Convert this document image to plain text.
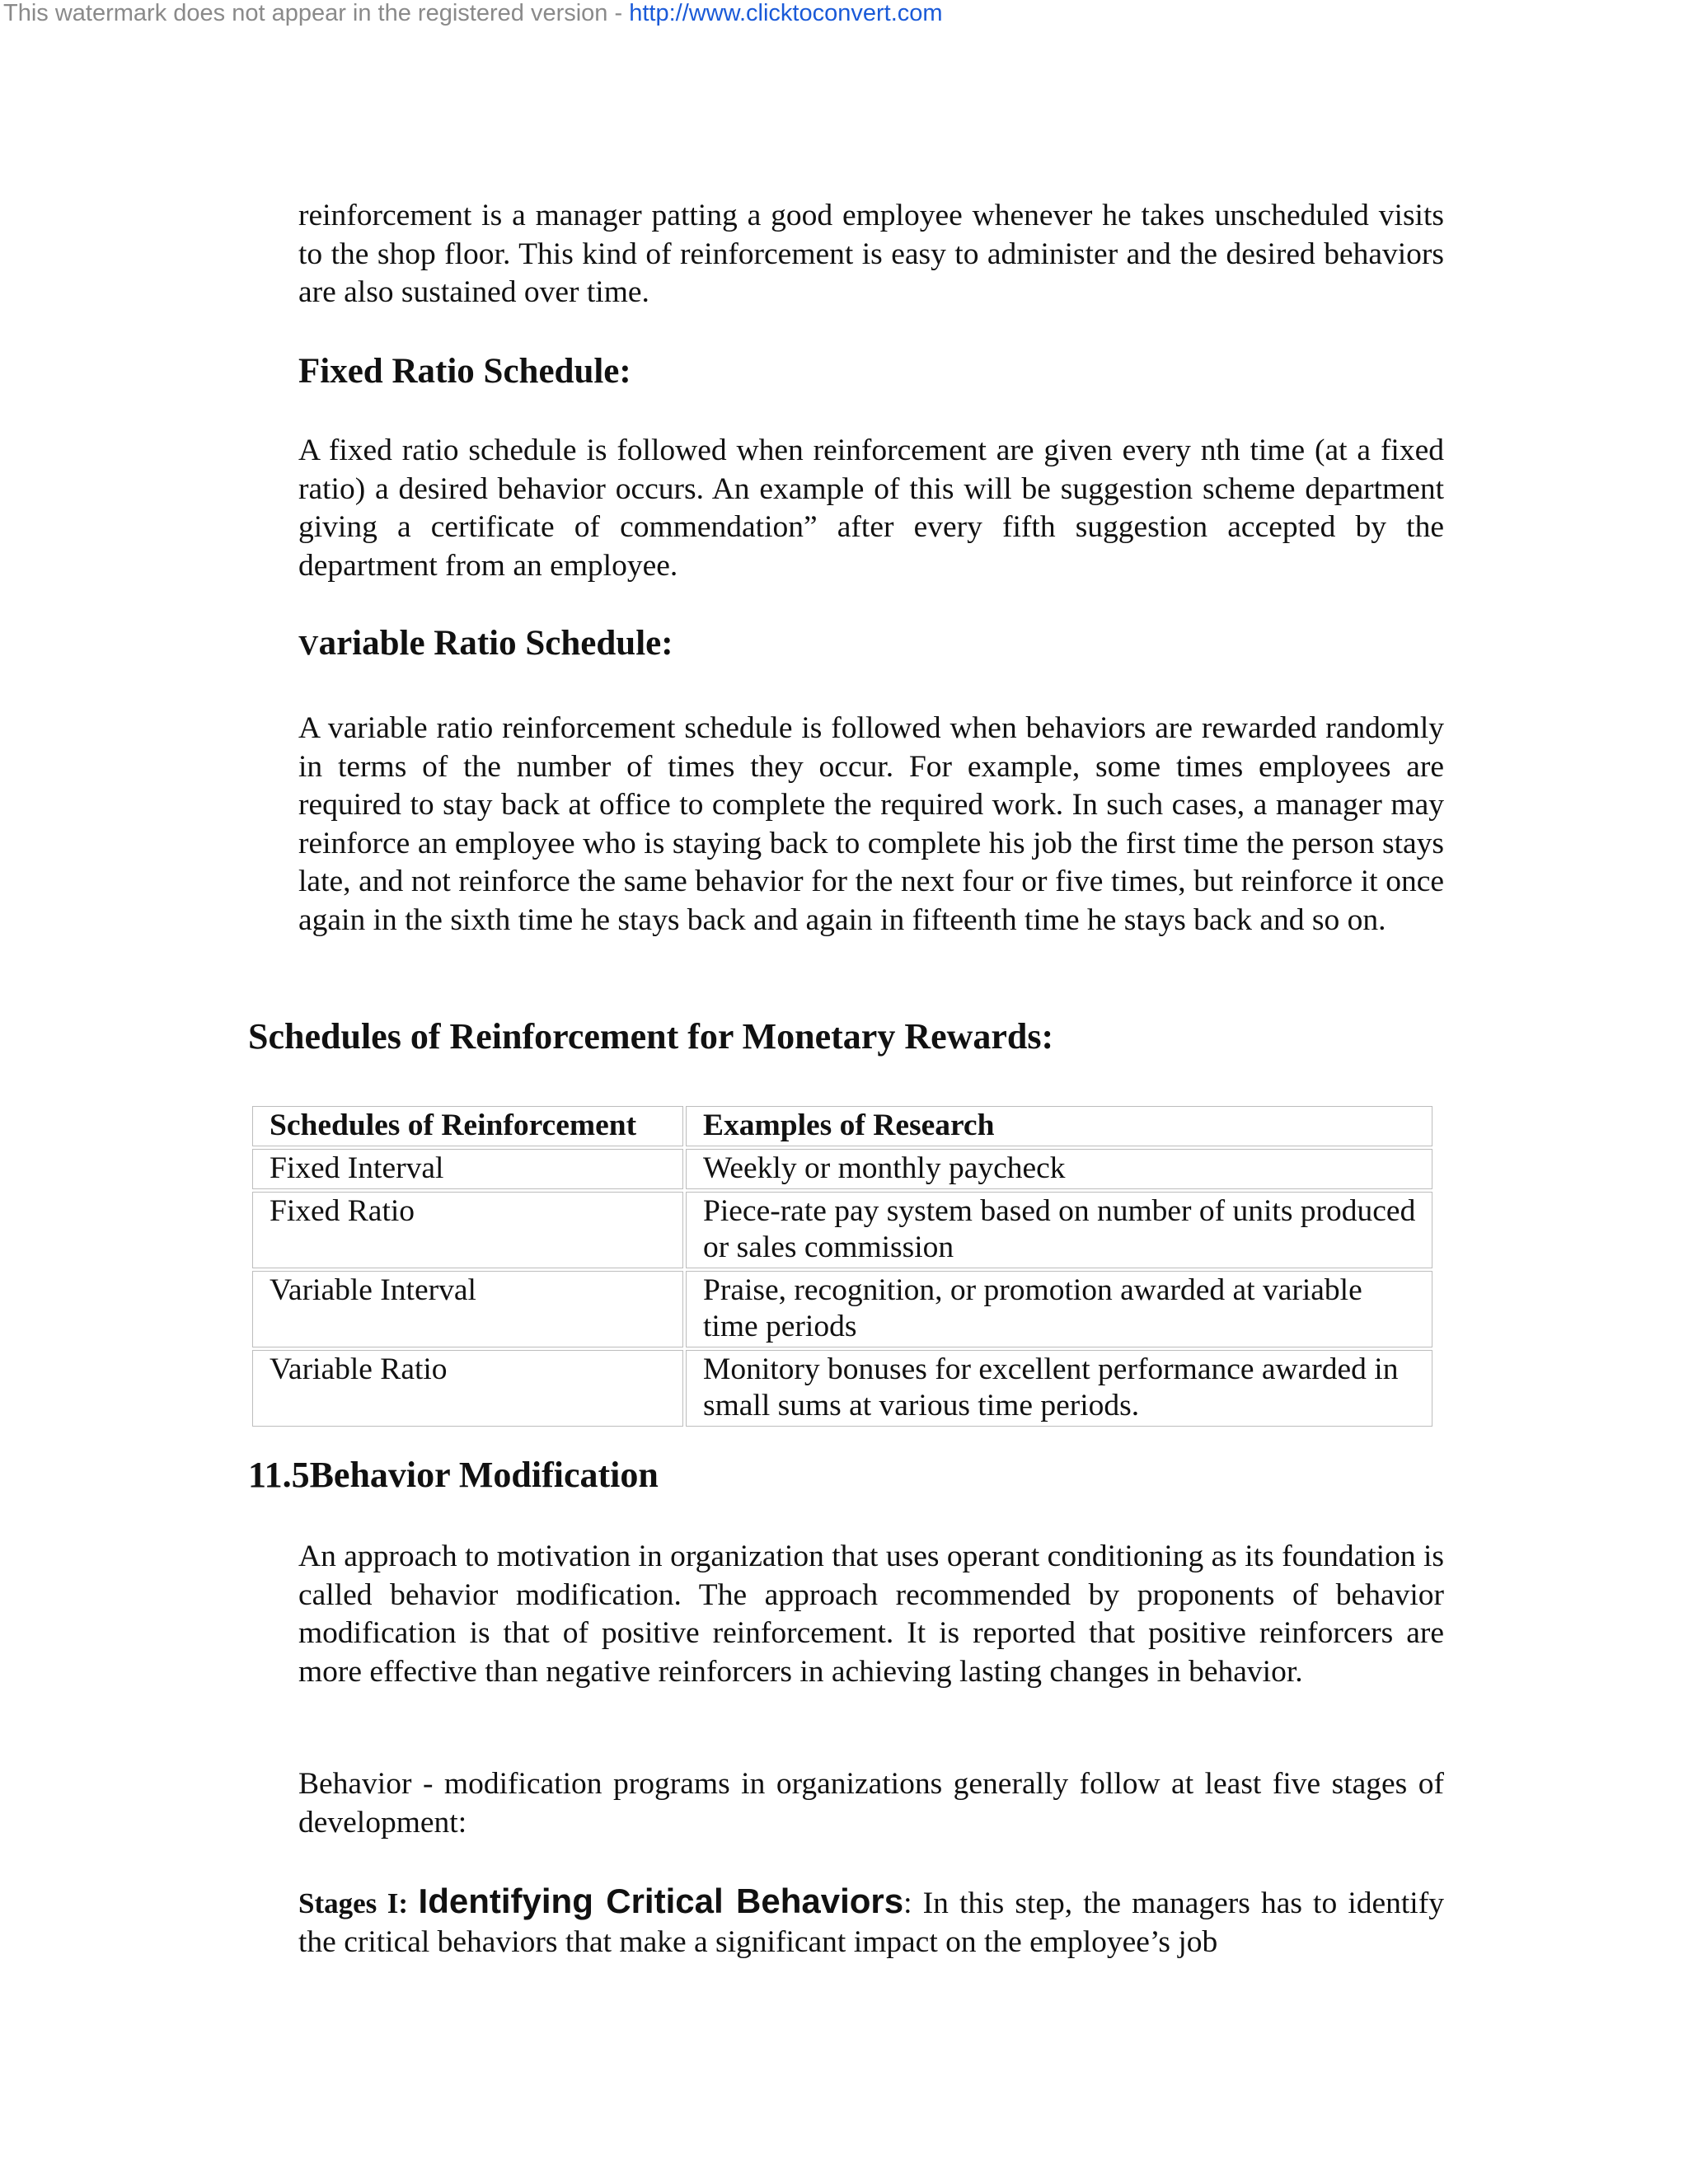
This watermark does not appear in the registered version - http://www.clicktoconvert.com
reinforcement is a manager patting a good employee whenever he takes unscheduled visits to the shop floor. This kind of reinforcement is easy to administer and the desired behaviors are also sustained over time.
Fixed Ratio Schedule:
A fixed ratio schedule is followed when reinforcement are given every nth time (at a fixed ratio) a desired behavior occurs. An example of this will be suggestion scheme department giving a certificate of commendation” after every fifth suggestion accepted by the department from an employee.
Variable Ratio Schedule:
A variable ratio reinforcement schedule is followed when behaviors are rewarded randomly in terms of the number of times they occur. For example, some times employees are required to stay back at office to complete the required work. In such cases, a manager may reinforce an employee who is staying back to complete his job the first time the person stays late, and not reinforce the same behavior for the next four or five times, but reinforce it once again in the sixth time he stays back and again in fifteenth time he stays back and so on.
Schedules of Reinforcement for Monetary Rewards:
Schedules of Reinforcement	Examples of Research
Fixed Interval	Weekly or monthly paycheck
Fixed Ratio	Piece-rate pay system based on number of units produced or sales commission
Variable Interval	Praise, recognition, or promotion awarded at variable time periods
Variable Ratio	Monitory bonuses for excellent performance awarded in small sums at various time periods.
11.5Behavior Modification
An approach to motivation in organization that uses operant conditioning as its foundation is called behavior modification. The approach recommended by proponents of behavior modification is that of positive reinforcement. It is reported that positive reinforcers are more effective than negative reinforcers in achieving lasting changes in behavior.
Behavior - modification programs in organizations generally follow at least five stages of development:
Stages I: Identifying Critical Behaviors: In this step, the managers has to identify the critical behaviors that make a significant impact on the employee’s job
